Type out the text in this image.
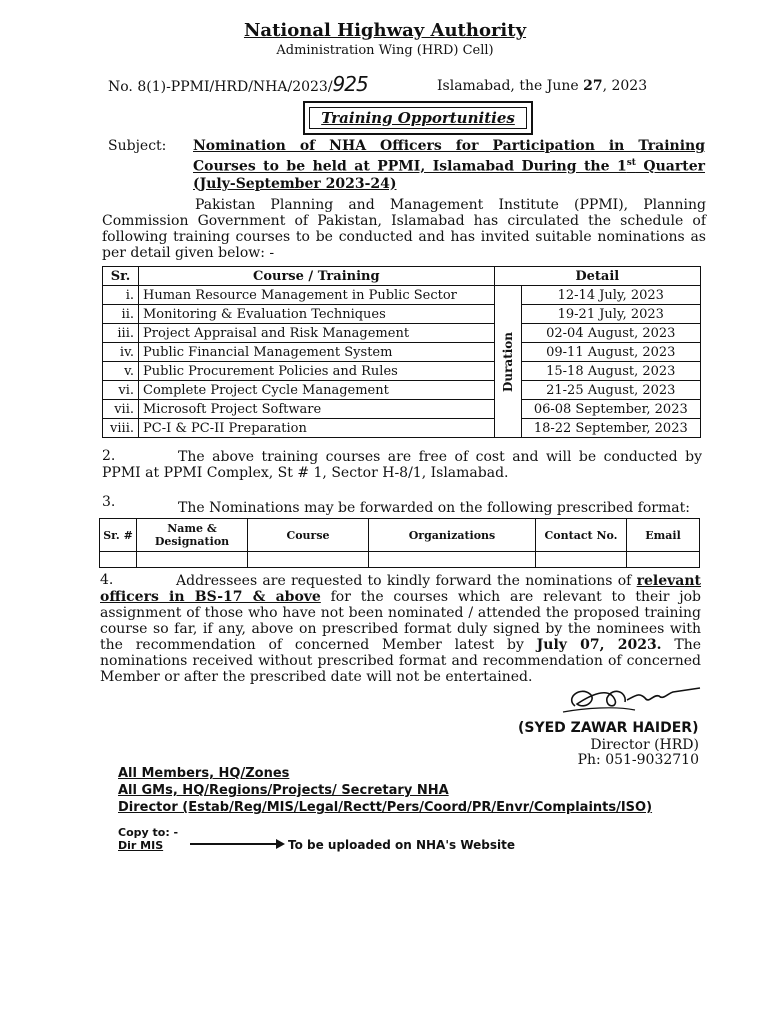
National Highway Authority
Administration Wing (HRD) Cell)
No. 8(1)-PPMI/HRD/NHA/2023/925	Islamabad, the June 27, 2023
Training Opportunities
Subject: Nomination of NHA Officers for Participation in Training Courses to be held at PPMI, Islamabad During the 1st Quarter (July-September 2023-24)
Pakistan Planning and Management Institute (PPMI), Planning Commission Government of Pakistan, Islamabad has circulated the schedule of following training courses to be conducted and has invited suitable nominations as per detail given below: -
Sr.	Course / Training	Detail	
i.	Human Resource Management in Public Sector	Duration	12-14 July, 2023
ii.	Monitoring & Evaluation Techniques		19-21 July, 2023
iii.	Project Appraisal and Risk Management		02-04 August, 2023
iv.	Public Financial Management System		09-11 August, 2023
v.	Public Procurement Policies and Rules		15-18 August, 2023
vi.	Complete Project Cycle Management		21-25 August, 2023
vii.	Microsoft Project Software		06-08 September, 2023
viii.	PC-I & PC-II Preparation		18-22 September, 2023
2.	The above training courses are free of cost and will be conducted by PPMI at PPMI Complex, St # 1, Sector H-8/1, Islamabad.
3.	The Nominations may be forwarded on the following prescribed format:
Sr. #	Name & Designation	Course	Organizations	Contact No.	Email

4.	Addressees are requested to kindly forward the nominations of relevant officers in BS-17 & above for the courses which are relevant to their job assignment of those who have not been nominated / attended the proposed training course so far, if any, above on prescribed format duly signed by the nominees with the recommendation of concerned Member latest by July 07, 2023. The nominations received without prescribed format and recommendation of concerned Member or after the prescribed date will not be entertained.
(SYED ZAWAR HAIDER)
Director (HRD)
Ph: 051-9032710
All Members, HQ/Zones
All GMs, HQ/Regions/Projects/ Secretary NHA
Director (Estab/Reg/MIS/Legal/Rectt/Pers/Coord/PR/Envr/Complaints/ISO)
Copy to: -
Dir MIS	To be uploaded on NHA's Website
